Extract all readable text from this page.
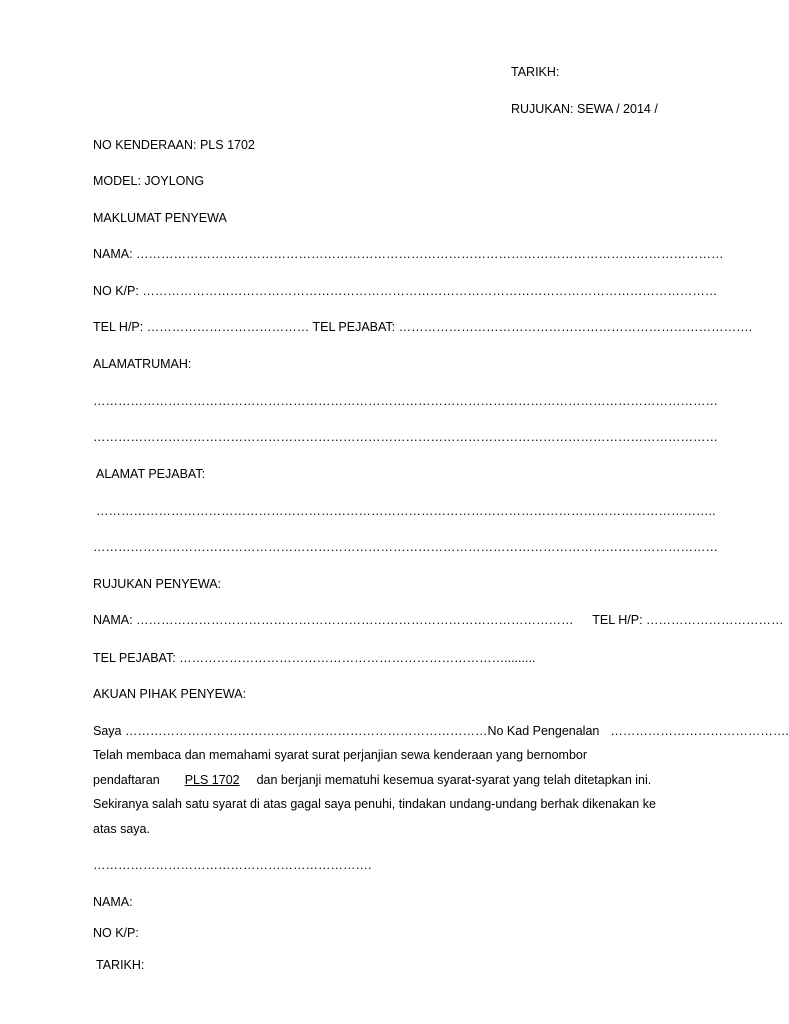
TARIKH:
RUJUKAN: SEWA / 2014 /
NO KENDERAAN: PLS 1702
MODEL: JOYLONG
MAKLUMAT PENYEWA
NAMA: ……………………………………………………………………………………………………………………………
NO K/P: …………………………………………………………………………………………………………………………
TEL H/P: ………………………………… TEL PEJABAT: ………………………………………………………………………….
ALAMATRUMAH:
……………………………………………………………………………………………………………………………………
……………………………………………………………………………………………………………………………………
ALAMAT PEJABAT:
…………………………………………………………………………………………………………………………………..
……………………………………………………………………………………………………………………………………
RUJUKAN PENYEWA:
NAMA: …………………………………………………………………………………………… TEL H/P: ……………………………
TEL PEJABAT: …………………………………………………………………….........
AKUAN PIHAK PENYEWA:
Saya ……………………………………………………………………………No Kad Pengenalan …………………………………….
Telah membaca dan memahami syarat surat perjanjian sewa kenderaan yang bernombor
pendaftaran PLS 1702 dan berjanji mematuhi kesemua syarat-syarat yang telah ditetapkan ini.
Sekiranya salah satu syarat di atas gagal saya penuhi, tindakan undang-undang berhak dikenakan ke
atas saya.
………………………………………………………….
NAMA:
NO K/P:
TARIKH:
